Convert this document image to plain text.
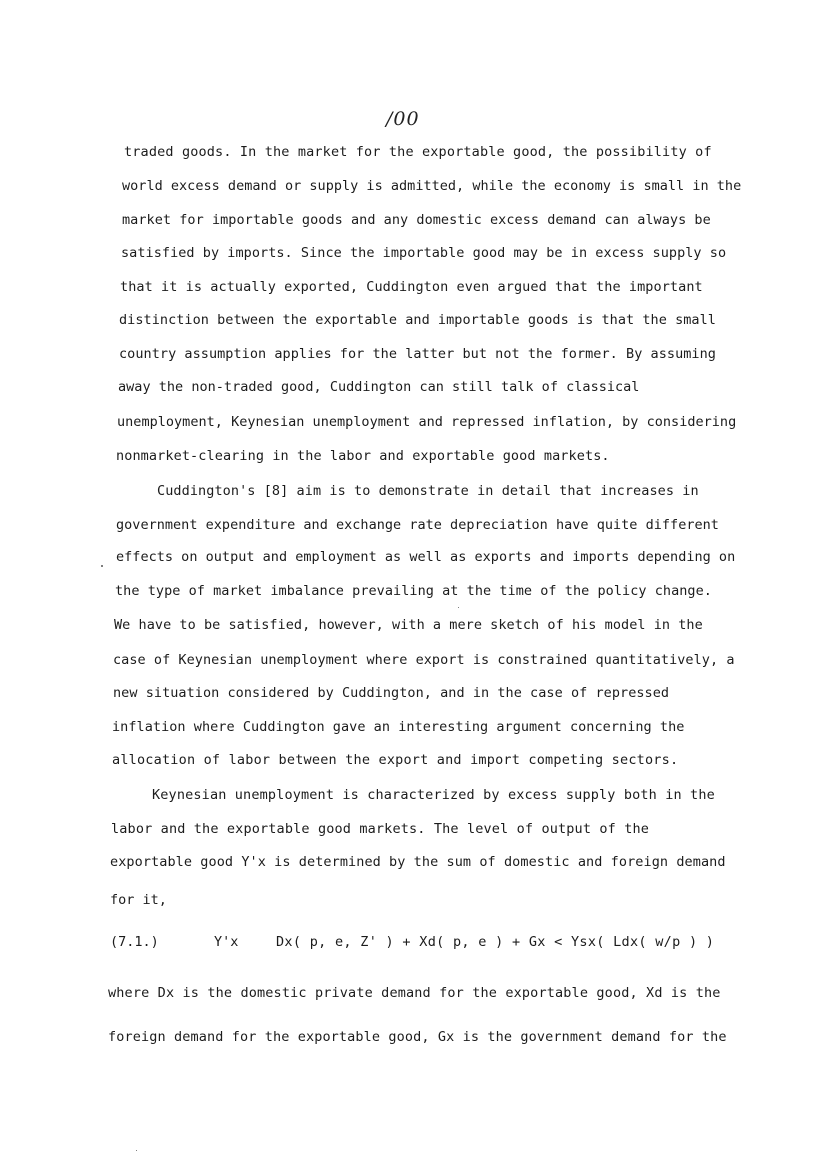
/00
traded goods. In the market for the exportable good, the possibility of
world excess demand or supply is admitted, while the economy is small in the
market for importable goods and any domestic excess demand can always be
satisfied by imports. Since the importable good may be in excess supply so
that it is actually exported, Cuddington even argued that the important
distinction between the exportable and importable goods is that the small
country assumption applies for the latter but not the former. By assuming
away the non-traded good, Cuddington can still talk of classical
unemployment, Keynesian unemployment and repressed inflation, by considering
nonmarket-clearing in the labor and exportable good markets.
Cuddington's [8] aim is to demonstrate in detail that increases in
government expenditure and exchange rate depreciation have quite different
effects on output and employment as well as exports and imports depending on
the type of market imbalance prevailing at the time of the policy change.
We have to be satisfied, however, with a mere sketch of his model in the
case of Keynesian unemployment where export is constrained quantitatively, a
new situation considered by Cuddington, and in the case of repressed
inflation where Cuddington gave an interesting argument concerning the
allocation of labor between the export and import competing sectors.
Keynesian unemployment is characterized by excess supply both in the
labor and the exportable good markets. The level of output of the
exportable good Y'x is determined by the sum of domestic and foreign demand
for it,
(7.1.)	Y'x	Dx( p, e, Z' ) + Xd( p, e ) + Gx < Ysx( Ldx( w/p ) )
where Dx is the domestic private demand for the exportable good, Xd is the
foreign demand for the exportable good, Gx is the government demand for the
